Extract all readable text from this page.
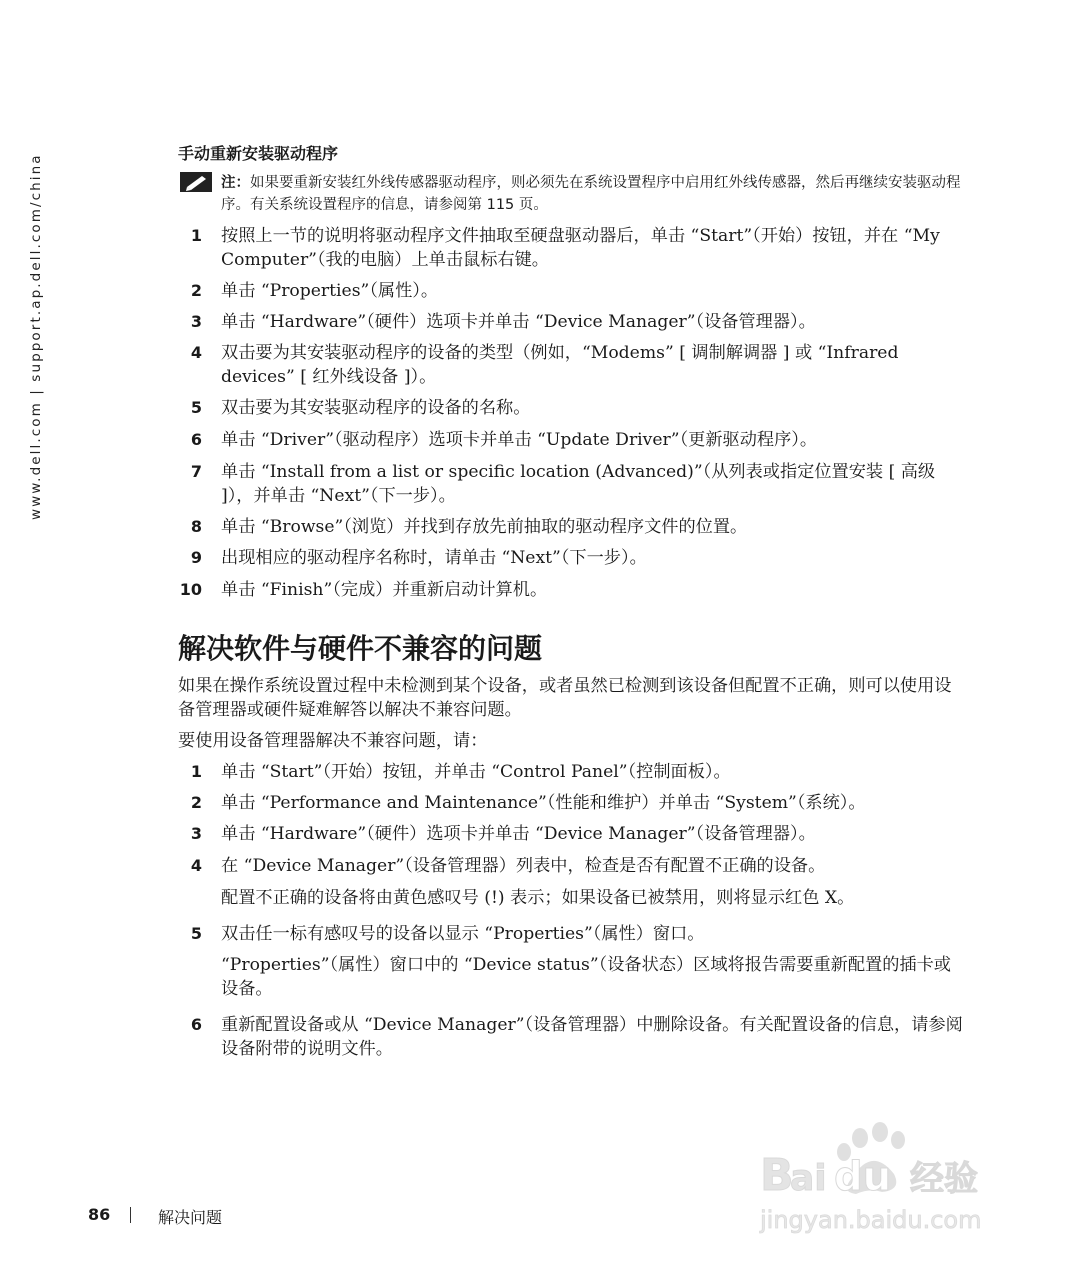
www.dell.com | support.ap.dell.com/china	手动重新安装驱动程序
注：如果要重新安装红外线传感器驱动程序，则必须先在系统设置程序中启用红外线传感器，然后再继续安装驱动程序。有关系统设置程序的信息，请参阅第 115 页。
1 按照上一节的说明将驱动程序文件抽取至硬盘驱动器后，单击 “Start”（开始）按钮，并在 “My Computer”（我的电脑）上单击鼠标右键。
2 单击 “Properties”（属性）。
3 单击 “Hardware”（硬件）选项卡并单击 “Device Manager”（设备管理器）。
4 双击要为其安装驱动程序的设备的类型（例如，“Modems” [ 调制解调器 ] 或 “Infrared devices” [ 红外线设备 ]）。
5 双击要为其安装驱动程序的设备的名称。
6 单击 “Driver”（驱动程序）选项卡并单击 “Update Driver”（更新驱动程序）。
7 单击 “Install from a list or specific location (Advanced)”（从列表或指定位置安装 [ 高级 ]），并单击 “Next”（下一步）。
8 单击 “Browse”（浏览）并找到存放先前抽取的驱动程序文件的位置。
9 出现相应的驱动程序名称时，请单击 “Next”（下一步）。
10 单击 “Finish”（完成）并重新启动计算机。
解决软件与硬件不兼容的问题

如果在操作系统设置过程中未检测到某个设备，或者虽然已检测到该设备但配置不正确，则可以使用设备管理器或硬件疑难解答以解决不兼容问题。

要使用设备管理器解决不兼容问题，请：

1 单击 “Start”（开始）按钮，并单击 “Control Panel”（控制面板）。
2 单击 “Performance and Maintenance”（性能和维护）并单击 “System”（系统）。
3 单击 “Hardware”（硬件）选项卡并单击 “Device Manager”（设备管理器）。
4 在 “Device Manager”（设备管理器）列表中，检查是否有配置不正确的设备。
配置不正确的设备将由黄色感叹号 (!) 表示；如果设备已被禁用，则将显示红色 X。
5 双击任一标有感叹号的设备以显示 “Properties”（属性）窗口。
“Properties”（属性）窗口中的 “Device status”（设备状态）区域将报告需要重新配置的插卡或设备。
6 重新配置设备或从 “Device Manager”（设备管理器）中删除设备。有关配置设备的信息，请参阅设备附带的说明文件。
B
ai du 经验
jingyan.baidu.com
86	解决问题
